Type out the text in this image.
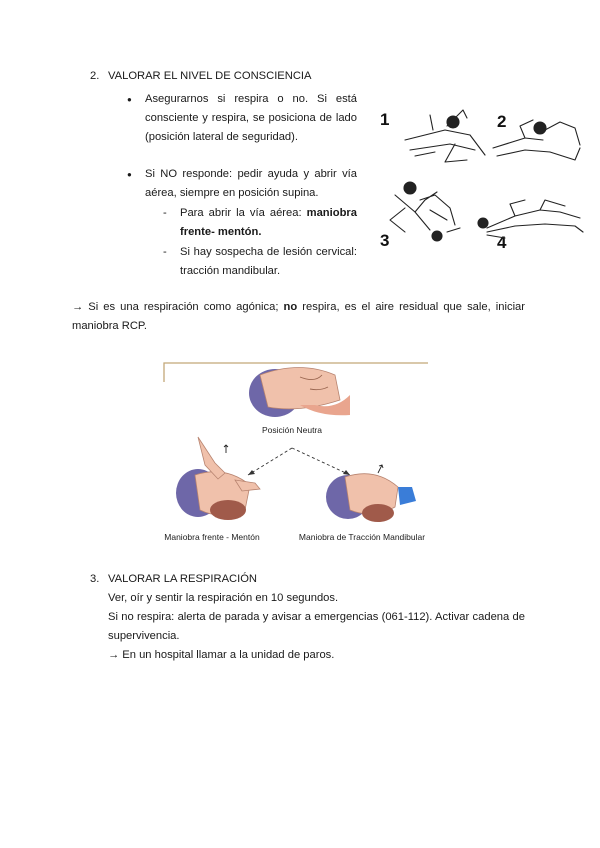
2. VALORAR EL NIVEL DE CONSCIENCIA
● Asegurarnos si respira o no. Si está
consciente y respira, se posiciona de lado
(posición lateral de seguridad).
● Si NO responde: pedir ayuda y abrir vía
aérea, siempre en posición supina.
- Para abrir la vía aérea: maniobra
frente- mentón.
- Si hay sospecha de lesión cervical:
tracción mandibular.
1	2
3	4
→ Si es una respiración como agónica; no respira, es el aire residual que sale, iniciar
maniobra RCP.
Posición Neutra
Maniobra frente - Mentón	Maniobra de Tracción Mandibular
3. VALORAR LA RESPIRACIÓN
Ver, oír y sentir la respiración en 10 segundos.
Si no respira: alerta de parada y avisar a emergencias (061-112). Activar cadena de
supervivencia.
→ En un hospital llamar a la unidad de paros.
